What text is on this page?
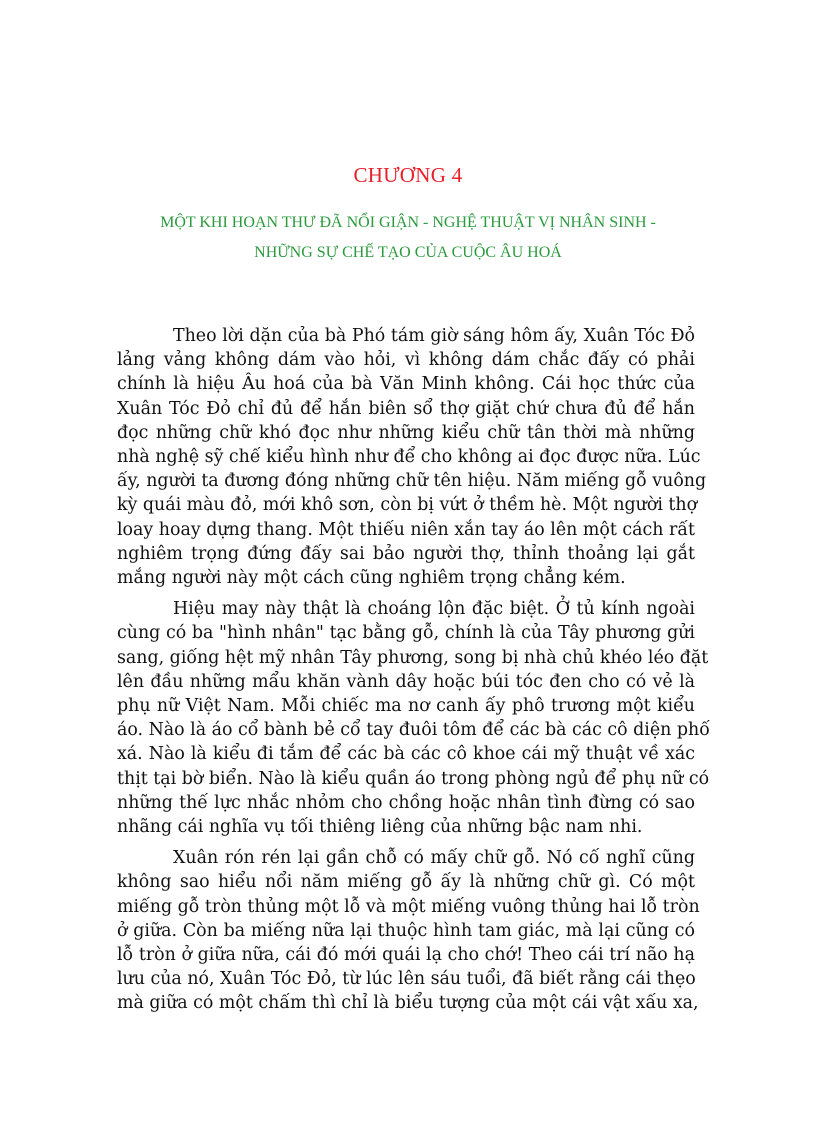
CHƯƠNG 4
MỘT KHI HOẠN THƯ ĐÃ NỔI GIẬN - NGHỆ THUẬT VỊ NHÂN SINH -
NHỮNG SỰ CHẾ TẠO CỦA CUỘC ÂU HOÁ

Theo lời dặn của bà Phó tám giờ sáng hôm ấy, Xuân Tóc Đỏ
lảng vảng không dám vào hỏi, vì không dám chắc đấy có phải
chính là hiệu Âu hoá của bà Văn Minh không. Cái học thức của
Xuân Tóc Đỏ chỉ đủ để hắn biên sổ thợ giặt chứ chưa đủ để hắn
đọc những chữ khó đọc như những kiểu chữ tân thời mà những
nhà nghệ sỹ chế kiểu hình như để cho không ai đọc được nữa. Lúc
ấy, người ta đương đóng những chữ tên hiệu. Năm miếng gỗ vuông
kỳ quái màu đỏ, mới khô sơn, còn bị vứt ở thềm hè. Một người thợ
loay hoay dựng thang. Một thiếu niên xắn tay áo lên một cách rất
nghiêm trọng đứng đấy sai bảo người thợ, thỉnh thoảng lại gắt
mắng người này một cách cũng nghiêm trọng chẳng kém.

Hiệu may này thật là choáng lộn đặc biệt. Ở tủ kính ngoài
cùng có ba "hình nhân" tạc bằng gỗ, chính là của Tây phương gửi
sang, giống hệt mỹ nhân Tây phương, song bị nhà chủ khéo léo đặt
lên đầu những mẩu khăn vành dây hoặc búi tóc đen cho có vẻ là
phụ nữ Việt Nam. Mỗi chiếc ma nơ canh ấy phô trương một kiểu
áo. Nào là áo cổ bành bẻ cổ tay đuôi tôm để các bà các cô diện phố
xá. Nào là kiểu đi tắm để các bà các cô khoe cái mỹ thuật về xác
thịt tại bờ biển. Nào là kiểu quần áo trong phòng ngủ để phụ nữ có
những thế lực nhắc nhỏm cho chồng hoặc nhân tình đừng có sao
nhãng cái nghĩa vụ tối thiêng liêng của những bậc nam nhi.

Xuân rón rén lại gần chỗ có mấy chữ gỗ. Nó cố nghĩ cũng
không sao hiểu nổi năm miếng gỗ ấy là những chữ gì. Có một
miếng gỗ tròn thủng một lỗ và một miếng vuông thủng hai lỗ tròn
ở giữa. Còn ba miếng nữa lại thuộc hình tam giác, mà lại cũng có
lỗ tròn ở giữa nữa, cái đó mới quái lạ cho chớ! Theo cái trí não hạ
lưu của nó, Xuân Tóc Đỏ, từ lúc lên sáu tuổi, đã biết rằng cái thẹo
mà giữa có một chấm thì chỉ là biểu tượng của một cái vật xấu xa,
